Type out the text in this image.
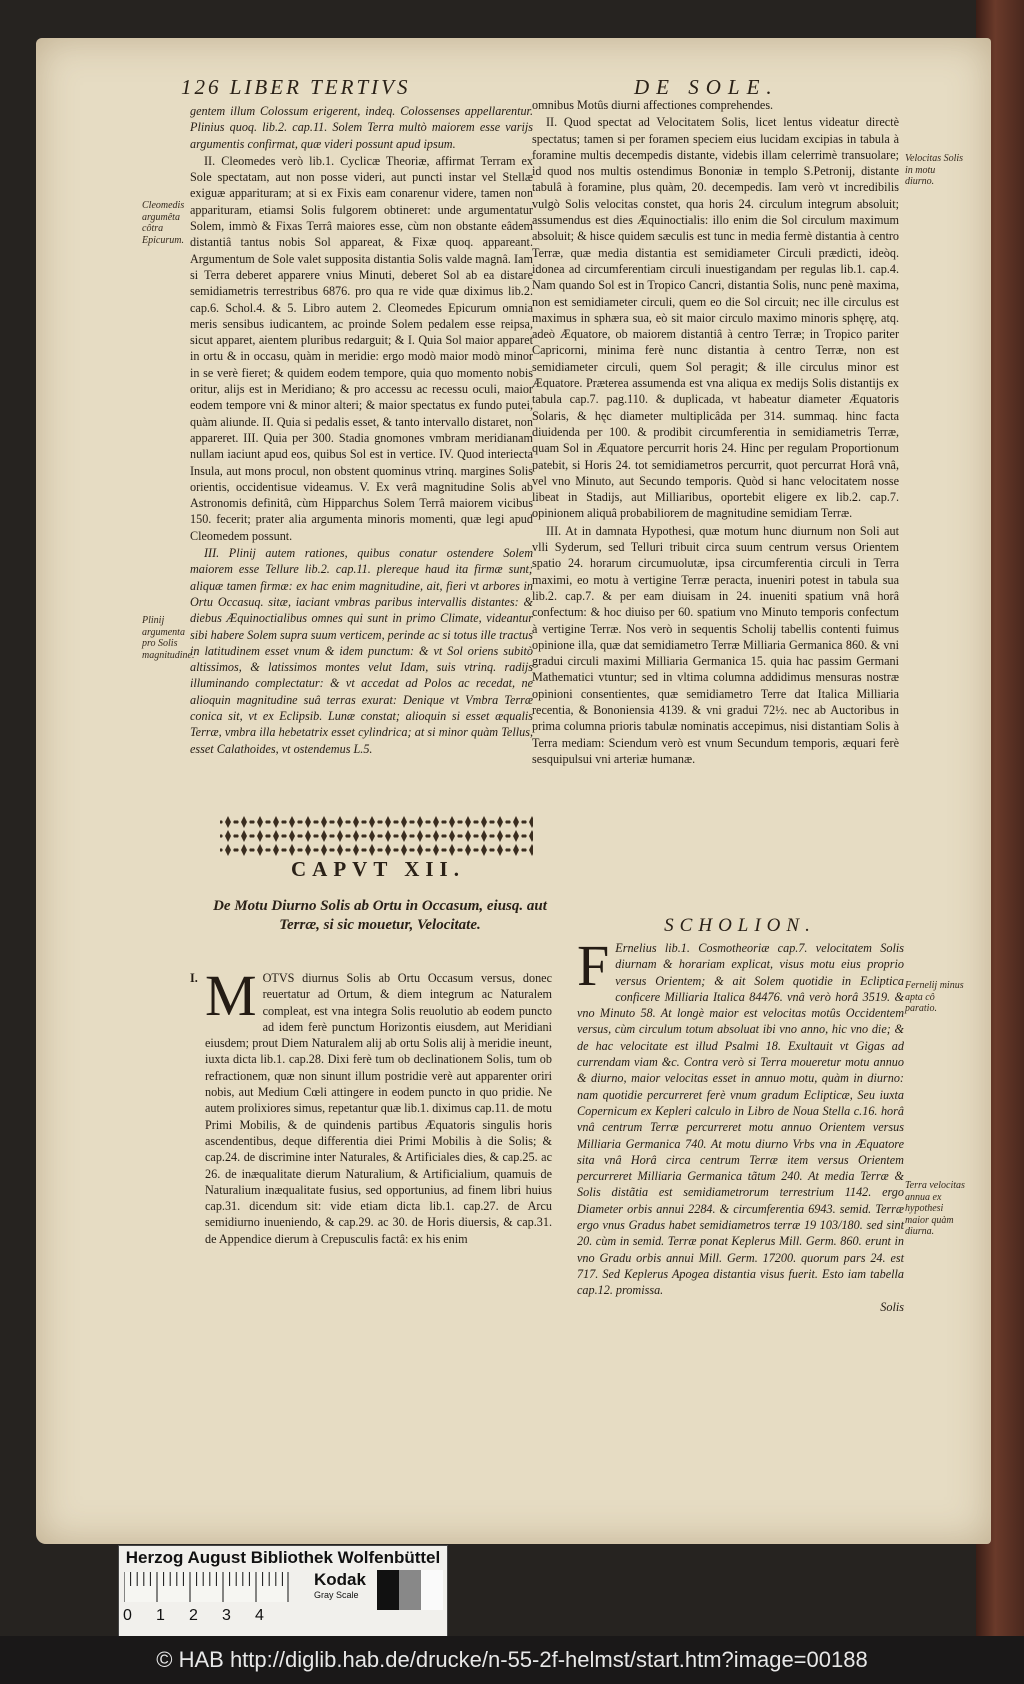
126 LIBER TERTIVS	DE SOLE.

gentem illum Colossum erigerent, indeq. Colossenses appellarentur. Plinius quoq. lib.2. cap.11. Solem Terra multò maiorem esse varijs argumentis confirmat, quæ videri possunt apud ipsum.

II. Cleomedes verò lib.1. Cyclicæ Theoriæ, affirmat Terram ex Sole spectatam, aut non posse videri, aut puncti instar vel Stellæ exiguæ apparituram; at si ex Fixis eam conarenur videre, tamen non apparituram, etiamsi Solis fulgorem obtineret: unde argumentatur Solem, immò & Fixas Terrâ maiores esse, cùm non obstante eâdem distantiâ tantus nobis Sol appareat, & Fixæ quoq. appareant. Argumentum de Sole valet supposita distantia Solis valde magnâ. Iam si Terra deberet apparere vnius Minuti, deberet Sol ab ea distare semidiametris terrestribus 6876. pro qua re vide quæ diximus lib.2. cap.6. Schol.4. & 5. Libro autem 2. Cleomedes Epicurum omnia meris sensibus iudicantem, ac proinde Solem pedalem esse reipsa, sicut apparet, aientem pluribus redarguit; & I. Quia Sol maior apparet in ortu & in occasu, quàm in meridie: ergo modò maior modò minor in se verè fieret; & quidem eodem tempore, quia quo momento nobis oritur, alijs est in Meridiano; & pro accessu ac recessu oculi, maior eodem tempore vni & minor alteri; & maior spectatus ex fundo putei, quàm aliunde. II. Quia si pedalis esset, & tanto intervallo distaret, non appareret. III. Quia per 300. Stadia gnomones vmbram meridianam nullam iaciunt apud eos, quibus Sol est in vertice. IV. Quod interiecta Insula, aut mons procul, non obstent quominus vtrinq. margines Solis orientis, occidentisue videamus. V. Ex verâ magnitudine Solis ab Astronomis definitâ, cùm Hipparchus Solem Terrâ maiorem vicibus 150. fecerit; prater alia argumenta minoris momenti, quæ legi apud Cleomedem possunt.

III. Plinij autem rationes, quibus conatur ostendere Solem maiorem esse Tellure lib.2. cap.11. plereque haud ita firmæ sunt; aliquæ tamen firmæ: ex hac enim magnitudine, ait, fieri vt arbores in Ortu Occasuq. sitæ, iaciant vmbras paribus intervallis distantes: & diebus Æquinoctialibus omnes qui sunt in primo Climate, videantur sibi habere Solem supra suum verticem, perinde ac si totus ille tractus in latitudinem esset vnum & idem punctum: & vt Sol oriens subitò altissimos, & latissimos montes velut Idam, suis vtrinq. radijs illuminando complectatur: & vt accedat ad Polos ac recedat, ne alioquin magnitudine suâ terras exurat: Denique vt Vmbra Terræ conica sit, vt ex Eclipsib. Lunæ constat; alioquin si esset æqualis Terræ, vmbra illa hebetatrix esset cylindrica; at si minor quàm Tellus, esset Calathoides, vt ostendemus L.5.

Cleomedis argumêta côtra Epicurum.
Plinij argumenta pro Solis magnitudine.
Velocitas Solis in motu diurno.
Fernelij minus apta cô paratio.
Terra velocitas annua ex hypothesi maior quàm diurna.
CAPVT XII.
De Motu Diurno Solis ab Ortu in Occasum, eiusq. aut Terræ, si sic mouetur, Velocitate.
I. M OTVS diurnus Solis ab Ortu Occasum versus, donec reuertatur ad Ortum, & diem integrum ac Naturalem compleat, est vna integra Solis reuolutio ab eodem puncto ad idem ferè punctum Horizontis eiusdem, aut Meridiani eiusdem; prout Diem Naturalem alij ab ortu Solis alij à meridie ineunt, iuxta dicta lib.1. cap.28. Dixi ferè tum ob declinationem Solis, tum ob refractionem, quæ non sinunt illum postridie verè aut apparenter oriri nobis, aut Medium Cœli attingere in eodem puncto in quo pridie. Ne autem prolixiores simus, repetantur quæ lib.1. diximus cap.11. de motu Primi Mobilis, & de quindenis partibus Æquatoris singulis horis ascendentibus, deque differentia diei Primi Mobilis à die Solis; & cap.24. de discrimine inter Naturales, & Artificiales dies, & cap.25. ac 26. de inæqualitate dierum Naturalium, & Artificialium, quamuis de Naturalium inæqualitate fusius, sed opportunius, ad finem libri huius cap.31. dicendum sit: vide etiam dicta lib.1. cap.27. de Arcu semidiurno inueniendo, & cap.29. ac 30. de Horis diuersis, & cap.31. de Appendice dierum à Crepusculis factâ: ex his enim

omnibus Motûs diurni affectiones comprehendes.

II. Quod spectat ad Velocitatem Solis, licet lentus videatur directè spectatus; tamen si per foramen speciem eius lucidam excipias in tabula à foramine multis decempedis distante, videbis illam celerrimè transuolare; id quod nos multis ostendimus Bononiæ in templo S.Petronij, distante tabulâ à foramine, plus quàm, 20. decempedis. Iam verò vt incredibilis vulgò Solis velocitas constet, qua horis 24. circulum integrum absoluit; assumendus est dies Æquinoctialis: illo enim die Sol circulum maximum absoluit; & hisce quidem sæculis est tunc in media fermè distantia à centro Terræ, quæ media distantia est semidiameter Circuli prædicti, ideòq. idonea ad circumferentiam circuli inuestigandam per regulas lib.1. cap.4. Nam quando Sol est in Tropico Cancri, distantia Solis, nunc penè maxima, non est semidiameter circuli, quem eo die Sol circuit; nec ille circulus est maximus in sphæra sua, eò sit maior circulo maximo minoris sphęrę, atq. adeò Æquatore, ob maiorem distantiâ à centro Terræ; in Tropico pariter Capricorni, minima ferè nunc distantia à centro Terræ, non est semidiameter circuli, quem Sol peragit; & ille circulus minor est Æquatore. Præterea assumenda est vna aliqua ex medijs Solis distantijs ex tabula cap.7. pag.110. & duplicada, vt habeatur diameter Æquatoris Solaris, & hęc diameter multiplicâda per 314. summaq. hinc facta diuidenda per 100. & prodibit circumferentia in semidiametris Terræ, quam Sol in Æquatore percurrit horis 24. Hinc per regulam Proportionum patebit, si Horis 24. tot semidiametros percurrit, quot percurrat Horâ vnâ, vel vno Minuto, aut Secundo temporis. Quòd si hanc velocitatem nosse libeat in Stadijs, aut Milliaribus, oportebit eligere ex lib.2. cap.7. opinionem aliquâ probabiliorem de magnitudine semidiam Terræ.

III. At in damnata Hypothesi, quæ motum hunc diurnum non Soli aut vlli Syderum, sed Telluri tribuit circa suum centrum versus Orientem spatio 24. horarum circumuolutæ, ipsa circumferentia circuli in Terra maximi, eo motu à vertigine Terræ peracta, inueniri potest in tabula sua lib.2. cap.7. & per eam diuisam in 24. inueniti spatium vnâ horâ confectum: & hoc diuiso per 60. spatium vno Minuto temporis confectum à vertigine Terræ. Nos verò in sequentis Scholij tabellis contenti fuimus opinione illa, quæ dat semidiametro Terræ Milliaria Germanica 860. & vni gradui circuli maximi Milliaria Germanica 15. quia hac passim Germani Mathematici vtuntur; sed in vltima columna addidimus mensuras nostræ opinioni consentientes, quæ semidiametro Terre dat Italica Milliaria recentia, & Bononiensia 4139. & vni gradui 72½. nec ab Auctoribus in prima columna prioris tabulæ nominatis accepimus, nisi distantiam Solis à Terra mediam: Sciendum verò est vnum Secundum temporis, æquari ferè sesquipulsui vni arteriæ humanæ.

SCHOLION.
F Ernelius lib.1. Cosmotheoriæ cap.7. velocitatem Solis diurnam & horariam explicat, visus motu eius proprio versus Orientem; & ait Solem quotidie in Ecliptica conficere Milliaria Italica 84476. vnâ verò horâ 3519. & vno Minuto 58. At longè maior est velocitas motûs Occidentem versus, cùm circulum totum absoluat ibi vno anno, hic vno die; & de hac velocitate est illud Psalmi 18. Exultauit vt Gigas ad currendam viam &c. Contra verò si Terra moueretur motu annuo & diurno, maior velocitas esset in annuo motu, quàm in diurno: nam quotidie percurreret ferè vnum gradum Eclipticæ, Seu iuxta Copernicum ex Kepleri calculo in Libro de Noua Stella c.16. horâ vnâ centrum Terræ percurreret motu annuo Orientem versus Milliaria Germanica 740. At motu diurno Vrbs vna in Æquatore sita vnâ Horâ circa centrum Terræ item versus Orientem percurreret Milliaria Germanica tãtum 240. At media Terræ & Solis distãtia est semidiametrorum terrestrium 1142. ergo Diameter orbis annui 2284. & circumferentia 6943. semid. Terræ ergo vnus Gradus habet semidiametros terræ 19 103/180. sed sint 20. cùm in semid. Terræ ponat Keplerus Mill. Germ. 860. erunt in vno Gradu orbis annui Mill. Germ. 17200. quorum pars 24. est 717. Sed Keplerus Apogea distantia visus fuerit. Esto iam tabella cap.12. promissa.
Solis
Herzog August Bibliothek Wolfenbüttel
Kodak
Gray Scale
0 1 2 3 4
© HAB http://diglib.hab.de/drucke/n-55-2f-helmst/start.htm?image=00188
